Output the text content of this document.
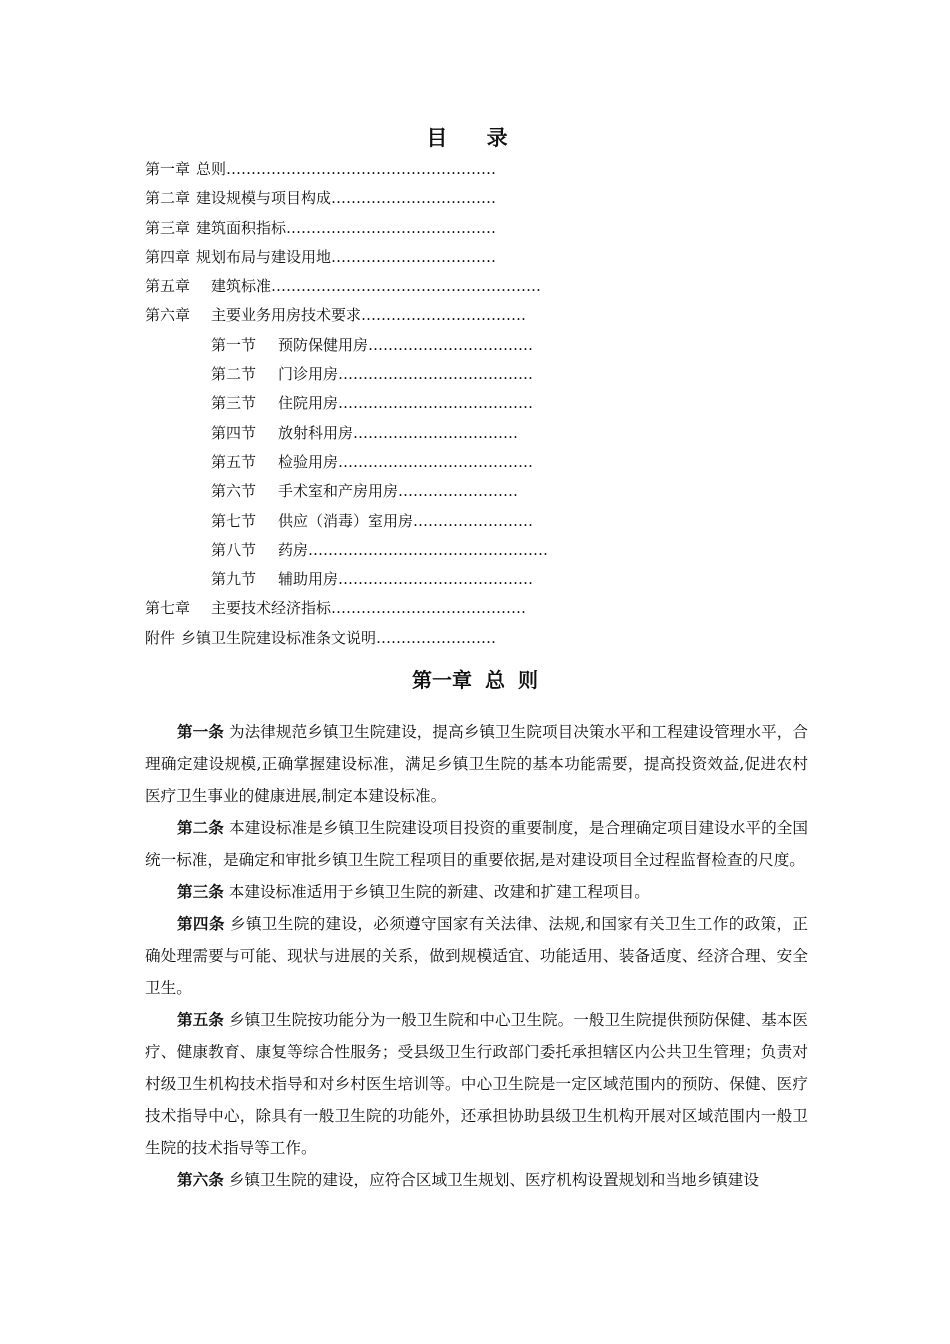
目 录
第一章 总则………………………………………………
第二章 建设规模与项目构成……………………………
第三章 建筑面积指标……………………………………
第四章 规划布局与建设用地……………………………
第五章 建筑标准………………………………………………
第六章 主要业务用房技术要求……………………………
第一节 预防保健用房……………………………
第二节 门诊用房…………………………………
第三节 住院用房…………………………………
第四节 放射科用房……………………………
第五节 检验用房…………………………………
第六节 手术室和产房用房……………………
第七节 供应（消毒）室用房……………………
第八节 药房…………………………………………
第九节 辅助用房…………………………………
第七章 主要技术经济指标…………………………………
附件 乡镇卫生院建设标准条文说明……………………
第一章 总 则

第一条 为法律规范乡镇卫生院建设，提高乡镇卫生院项目决策水平和工程建设管理水平，合理确定建设规模,正确掌握建设标准，满足乡镇卫生院的基本功能需要，提高投资效益,促进农村医疗卫生事业的健康进展,制定本建设标准。

第二条 本建设标准是乡镇卫生院建设项目投资的重要制度，是合理确定项目建设水平的全国统一标准，是确定和审批乡镇卫生院工程项目的重要依据,是对建设项目全过程监督检查的尺度。

第三条 本建设标准适用于乡镇卫生院的新建、改建和扩建工程项目。

第四条 乡镇卫生院的建设，必须遵守国家有关法律、法规,和国家有关卫生工作的政策，正确处理需要与可能、现状与进展的关系，做到规模适宜、功能适用、装备适度、经济合理、安全卫生。

第五条 乡镇卫生院按功能分为一般卫生院和中心卫生院。一般卫生院提供预防保健、基本医疗、健康教育、康复等综合性服务；受县级卫生行政部门委托承担辖区内公共卫生管理；负责对村级卫生机构技术指导和对乡村医生培训等。中心卫生院是一定区域范围内的预防、保健、医疗技术指导中心，除具有一般卫生院的功能外，还承担协助县级卫生机构开展对区域范围内一般卫生院的技术指导等工作。

第六条 乡镇卫生院的建设，应符合区域卫生规划、医疗机构设置规划和当地乡镇建设
